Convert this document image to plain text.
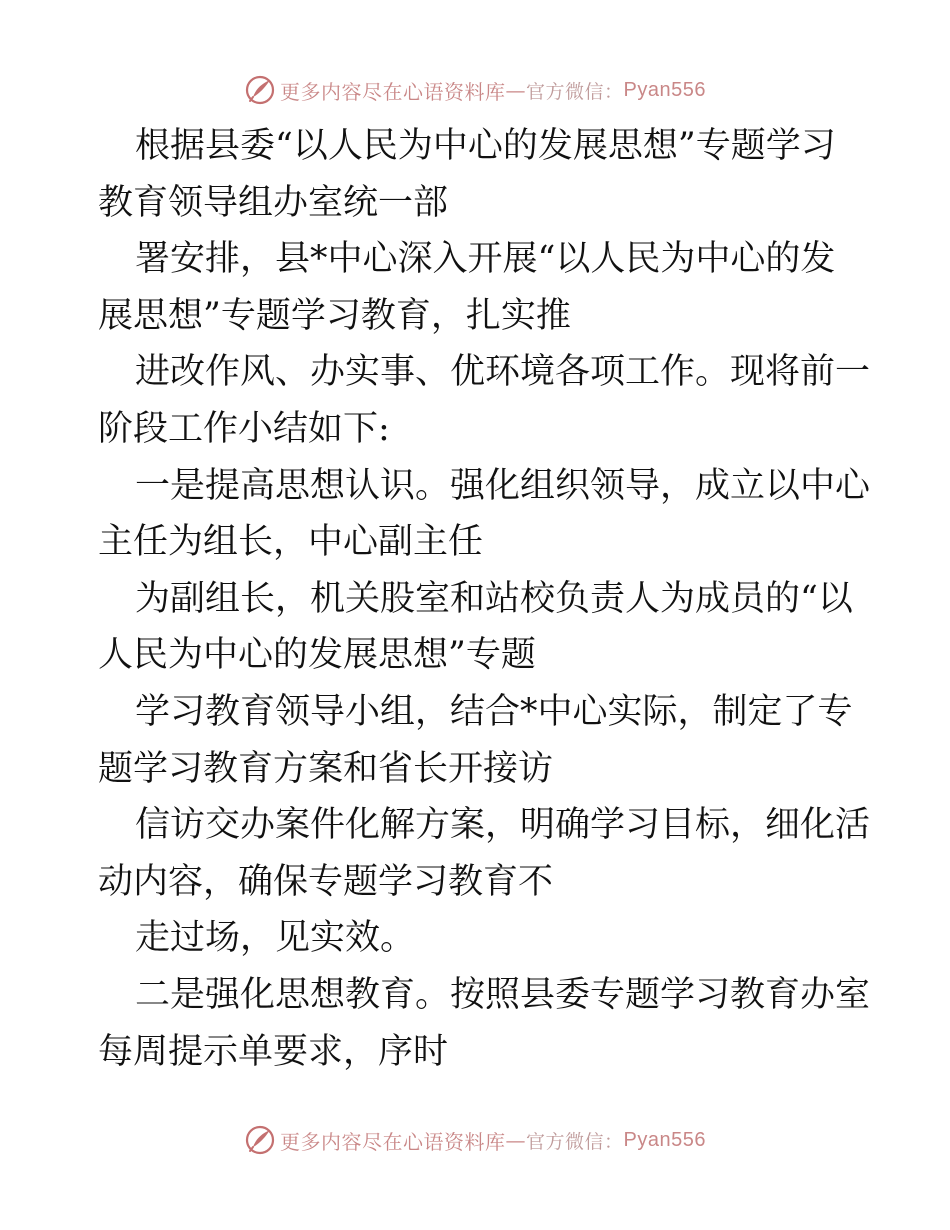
更多内容尽在心语资料库 — 官方微信： Pyan556

根据县委“以人民为中心的发展思想”专题学习
教育领导组办室统一部

署安排，县*中心深入开展“以人民为中心的发
展思想”专题学习教育，扎实推

进改作风、办实事、优环境各项工作。现将前一
阶段工作小结如下:

一是提高思想认识。强化组织领导，成立以中心
主任为组长，中心副主任

为副组长，机关股室和站校负责人为成员的“以
人民为中心的发展思想”专题

学习教育领导小组，结合*中心实际，制定了专
题学习教育方案和省长开接访

信访交办案件化解方案，明确学习目标，细化活
动内容，确保专题学习教育不

走过场，见实效。

二是强化思想教育。按照县委专题学习教育办室
每周提示单要求，序时

更多内容尽在心语资料库 — 官方微信： Pyan556
